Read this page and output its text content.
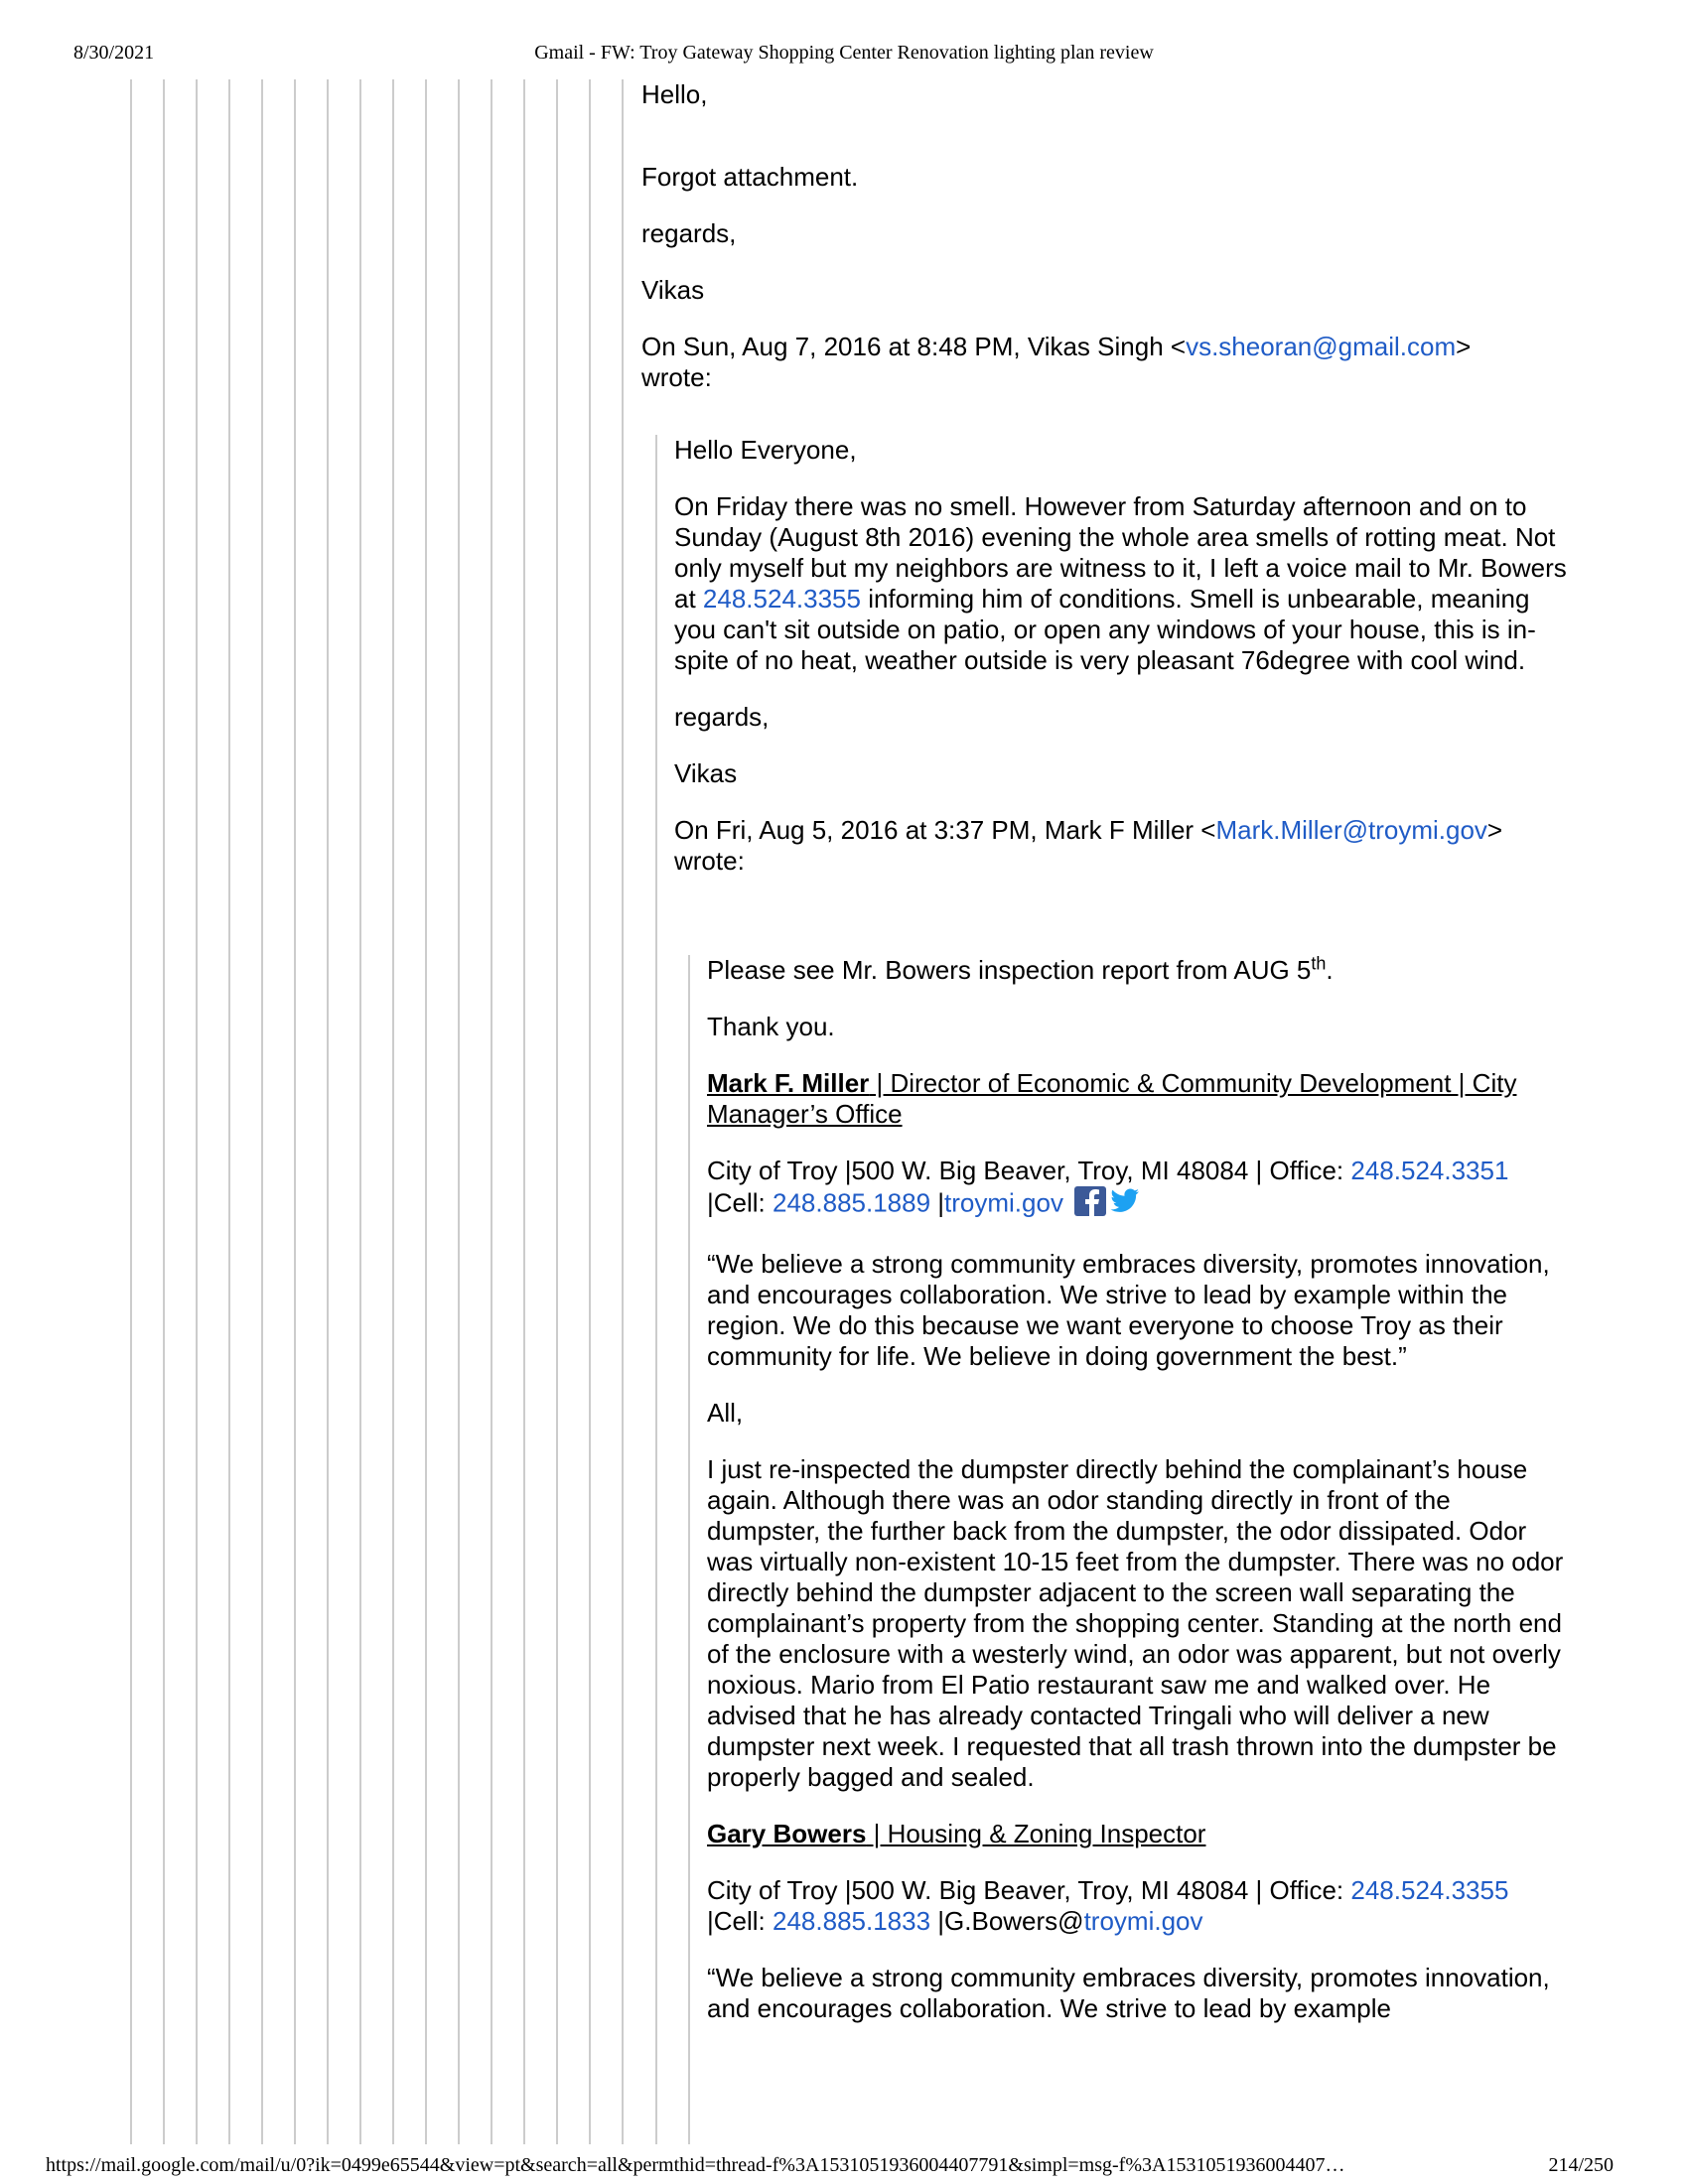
8/30/2021	Gmail - FW: Troy Gateway Shopping Center Renovation lighting plan review

Hello,

Forgot attachment.

regards,

Vikas

On Sun, Aug 7, 2016 at 8:48 PM, Vikas Singh <vs.sheoran@gmail.com>
wrote:

Hello Everyone,

On Friday there was no smell. However from Saturday afternoon and on to Sunday (August 8th 2016) evening the whole area smells of rotting meat. Not only myself but my neighbors are witness to it, I left a voice mail to Mr. Bowers at 248.524.3355 informing him of conditions. Smell is unbearable, meaning you can't sit outside on patio, or open any windows of your house, this is in-spite of no heat, weather outside is very pleasant 76degree with cool wind.

regards,

Vikas

On Fri, Aug 5, 2016 at 3:37 PM, Mark F Miller <Mark.Miller@troymi.gov>
wrote:

Please see Mr. Bowers inspection report from AUG 5th.

Thank you.

Mark F. Miller | Director of Economic & Community Development | City Manager’s Office

City of Troy |500 W. Big Beaver, Troy, MI 48084 | Office: 248.524.3351
|Cell: 248.885.1889 |troymi.gov

“We believe a strong community embraces diversity, promotes innovation, and encourages collaboration. We strive to lead by example within the region. We do this because we want everyone to choose Troy as their community for life. We believe in doing government the best.”

All,

I just re-inspected the dumpster directly behind the complainant’s house again. Although there was an odor standing directly in front of the dumpster, the further back from the dumpster, the odor dissipated. Odor was virtually non-existent 10-15 feet from the dumpster. There was no odor directly behind the dumpster adjacent to the screen wall separating the complainant’s property from the shopping center. Standing at the north end of the enclosure with a westerly wind, an odor was apparent, but not overly noxious. Mario from El Patio restaurant saw me and walked over. He advised that he has already contacted Tringali who will deliver a new dumpster next week. I requested that all trash thrown into the dumpster be properly bagged and sealed.

Gary Bowers | Housing & Zoning Inspector

City of Troy |500 W. Big Beaver, Troy, MI 48084 | Office: 248.524.3355
|Cell: 248.885.1833 |G.Bowers@troymi.gov

“We believe a strong community embraces diversity, promotes innovation, and encourages collaboration. We strive to lead by example

https://mail.google.com/mail/u/0?ik=0499e65544&view=pt&search=all&permthid=thread-f%3A1531051936004407791&simpl=msg-f%3A1531051936004407…	214/250
